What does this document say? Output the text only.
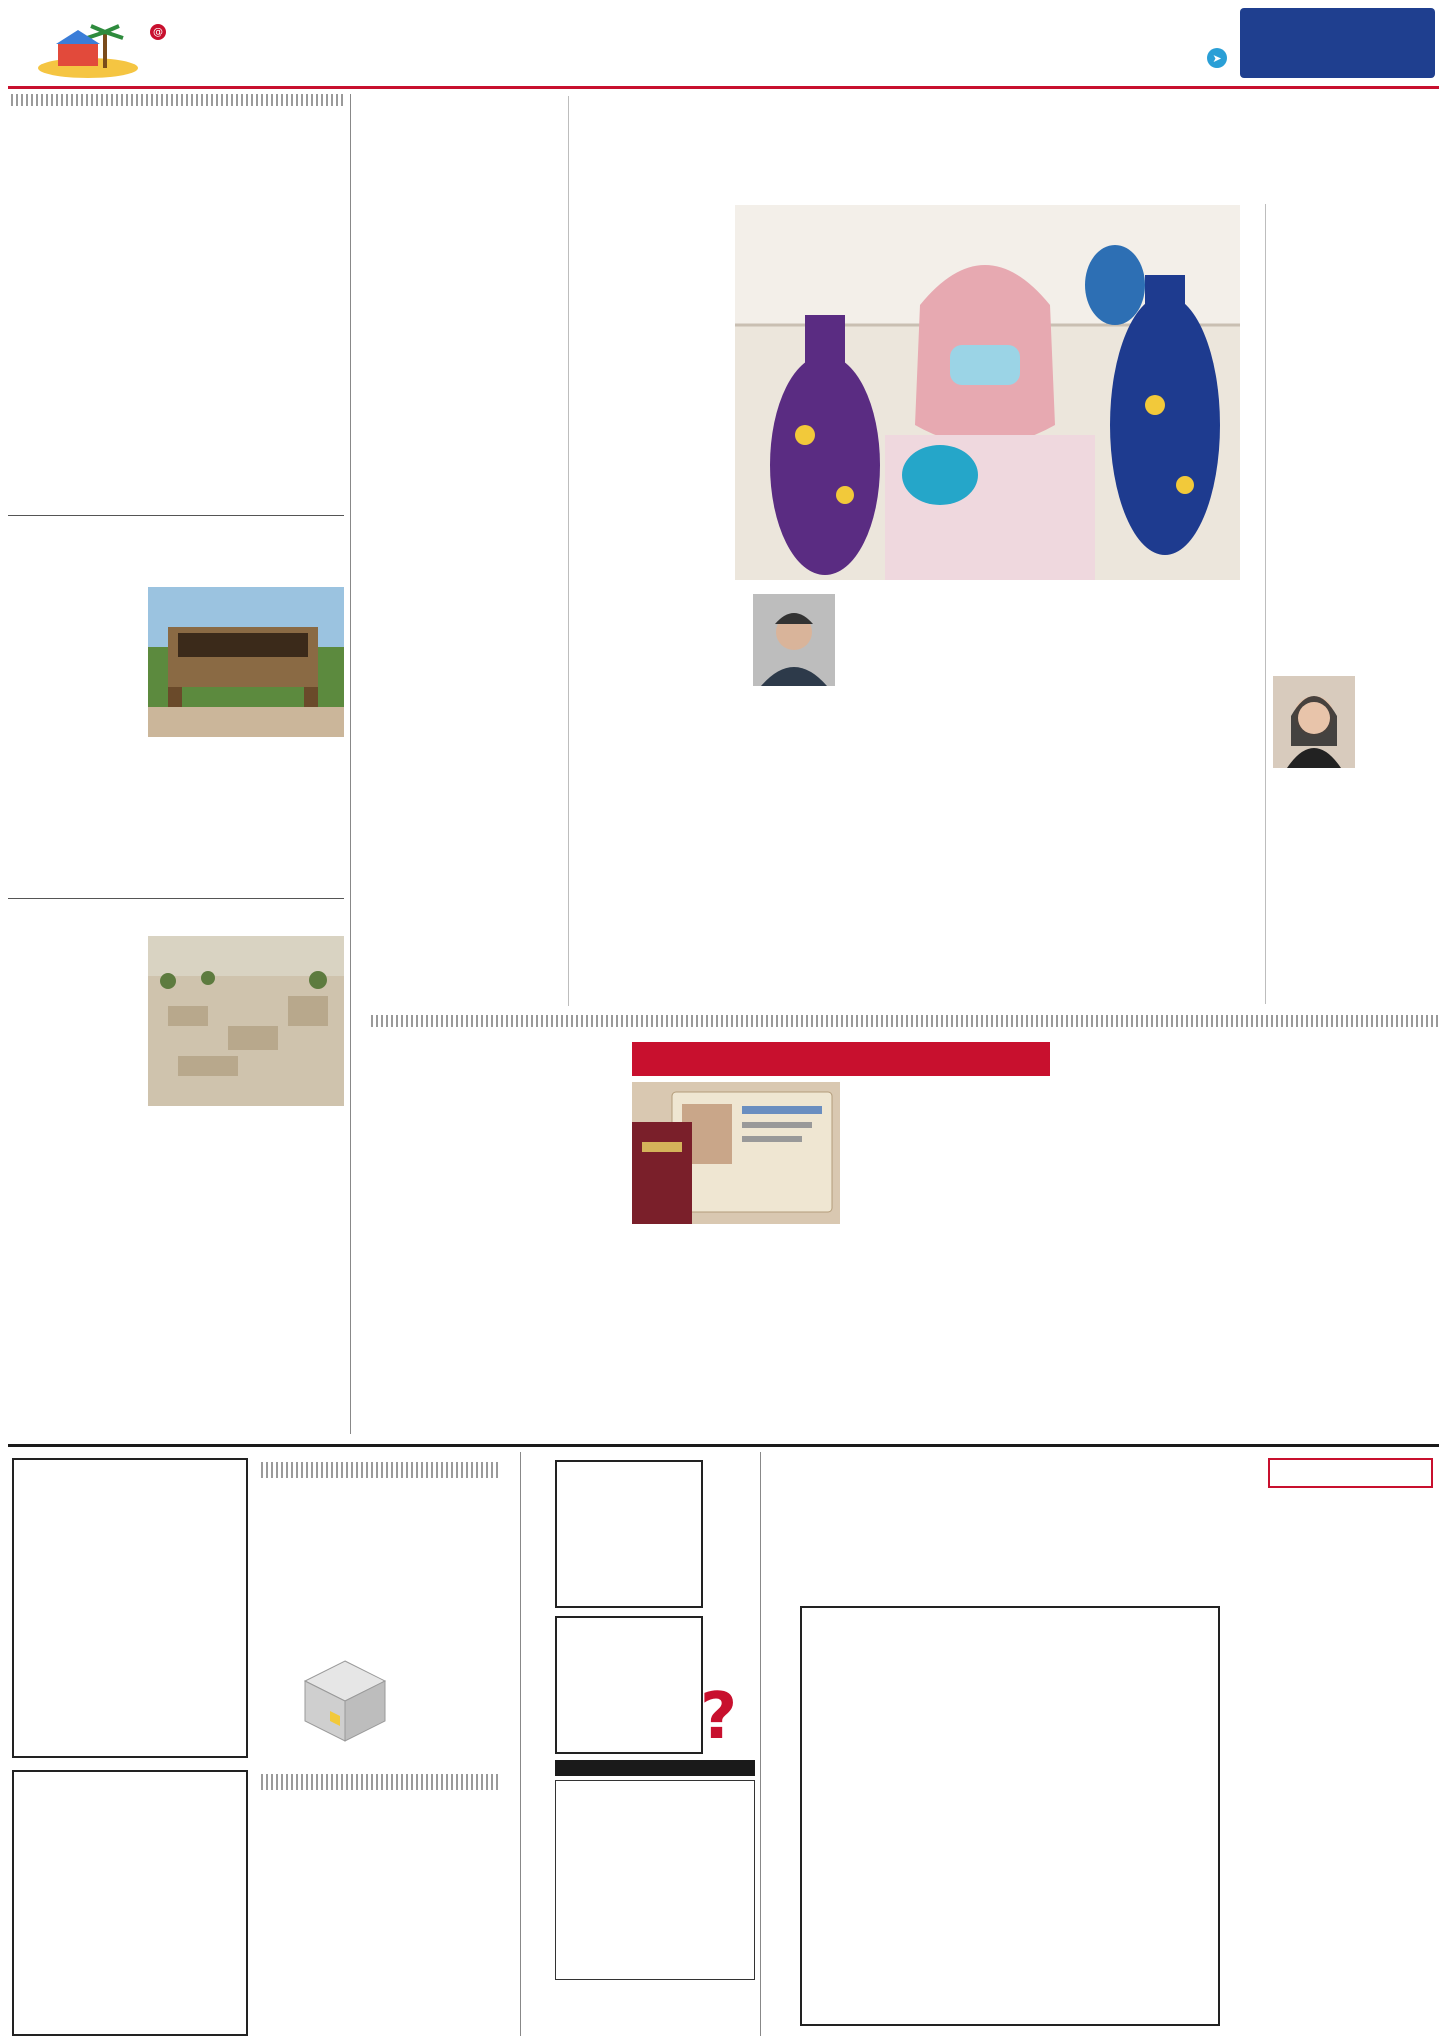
➤
@
?
